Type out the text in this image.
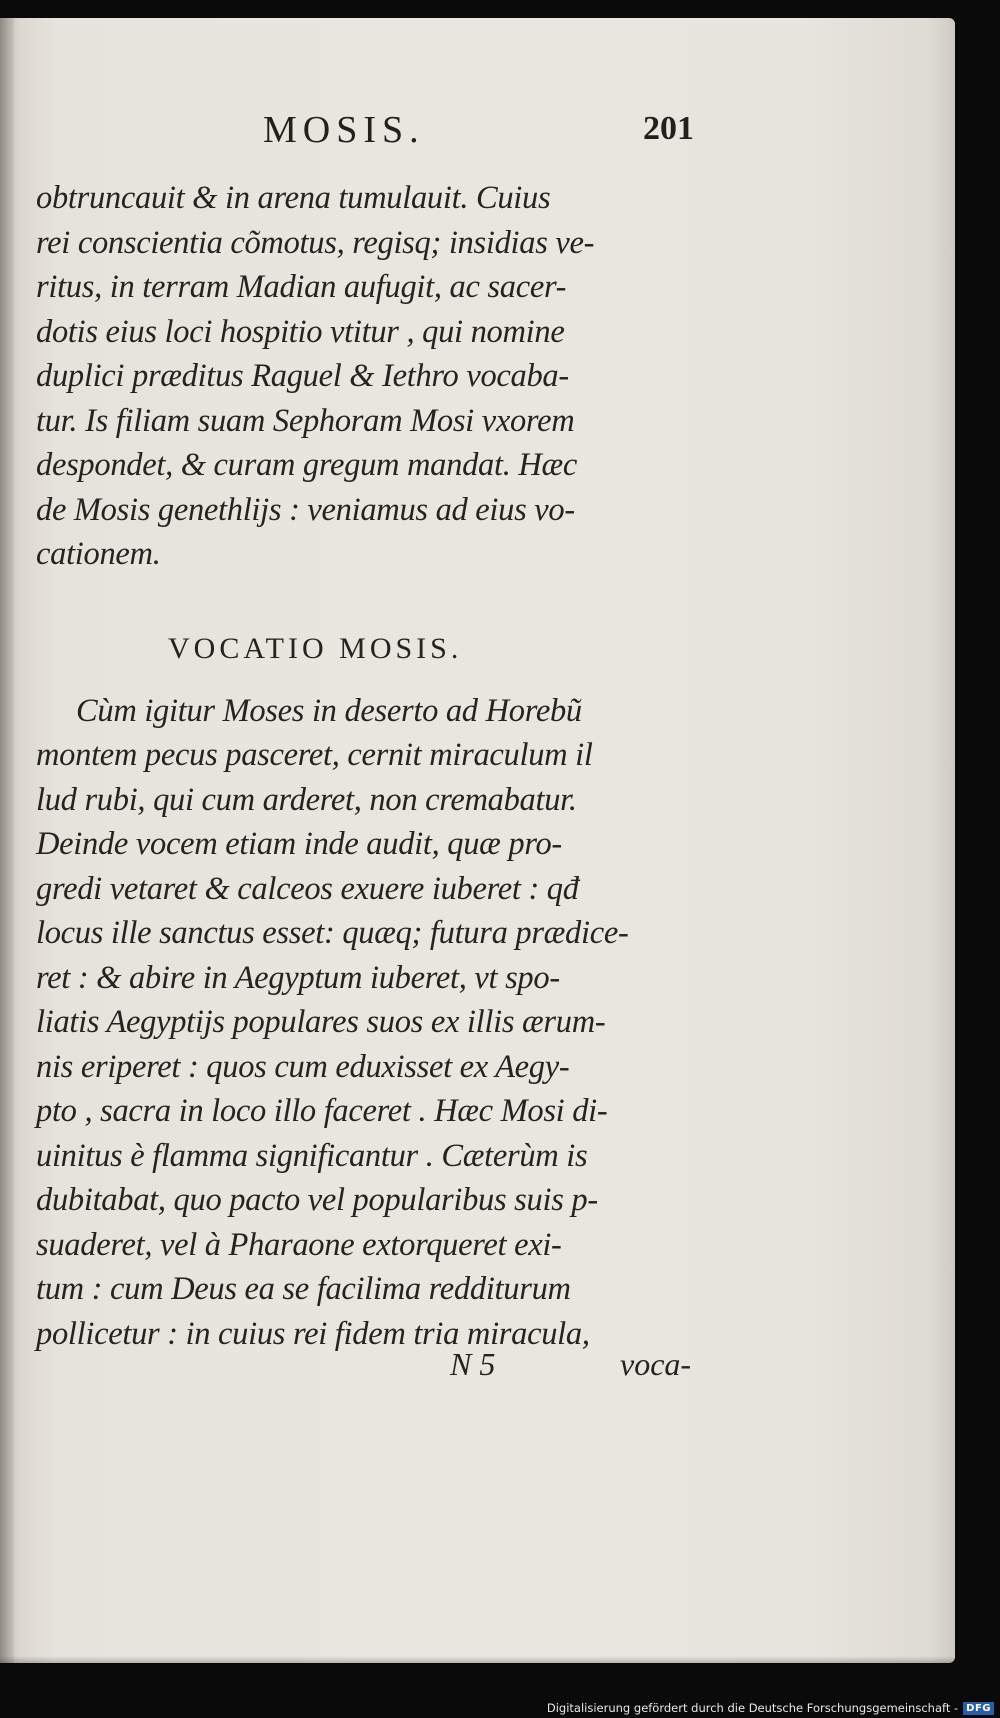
MOSIS.	201
obtruncauit & in arena tumulauit. Cuius
rei conscientia cõmotus, regisq; insidias ve-
ritus, in terram Madian aufugit, ac sacer-
dotis eius loci hospitio vtitur , qui nomine
duplici præditus Raguel & Iethro vocaba-
tur. Is filiam suam Sephoram Mosi vxorem
despondet, & curam gregum mandat. Hæc
de Mosis genethlijs : veniamus ad eius vo-
cationem.
VOCATIO MOSIS.
Cùm igitur Moses in deserto ad Horebũ
montem pecus pasceret, cernit miraculum il
lud rubi, qui cum arderet, non cremabatur.
Deinde vocem etiam inde audit, quæ pro-
gredi vetaret & calceos exuere iuberet : qđ
locus ille sanctus esset: quæq; futura prædice-
ret : & abire in Aegyptum iuberet, vt spo-
liatis Aegyptijs populares suos ex illis ærum-
nis eriperet : quos cum eduxisset ex Aegy-
pto , sacra in loco illo faceret . Hæc Mosi di-
uinitus è flamma significantur . Cæterùm is
dubitabat, quo pacto vel popularibus suis p-
suaderet, vel à Pharaone extorqueret exi-
tum : cum Deus ea se facilima redditurum
pollicetur : in cuius rei fidem tria miracula,
N 5	voca-
Digitalisierung gefördert durch die Deutsche Forschungsgemeinschaft - DFG
